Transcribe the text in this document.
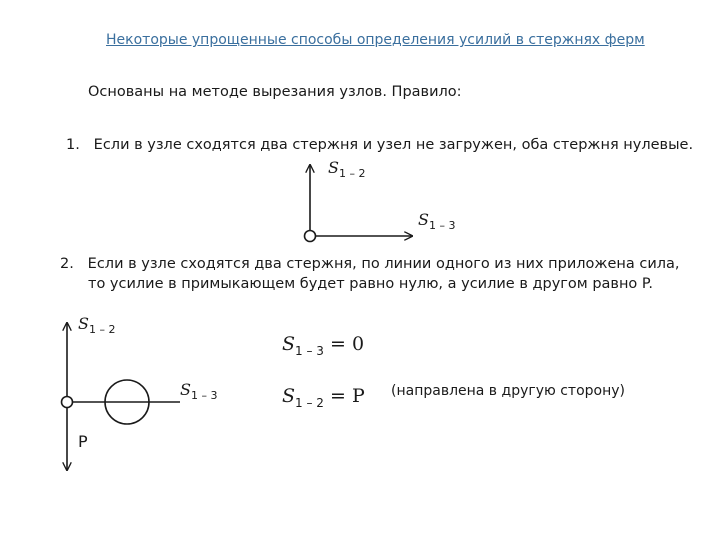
Некоторые упрощенные способы определения усилий в стержнях ферм
Основаны на методе вырезания узлов. Правило:
1. Если в узле сходятся два стержня и узел не загружен, оба стержня нулевые.
2. Если в узле сходятся два стержня, по линии одного из них приложена сила,
то усилие в примыкающем будет равно нулю, а усилие в другом равно P.
$S_{1 - 2}$
$S_{1 - 3}$
$S_{1 - 2}$
$S_{1 - 3}$
P
$S_{1 - 3} = 0$
$S_{1 - 2} = P$ (направлена в другую сторону)
